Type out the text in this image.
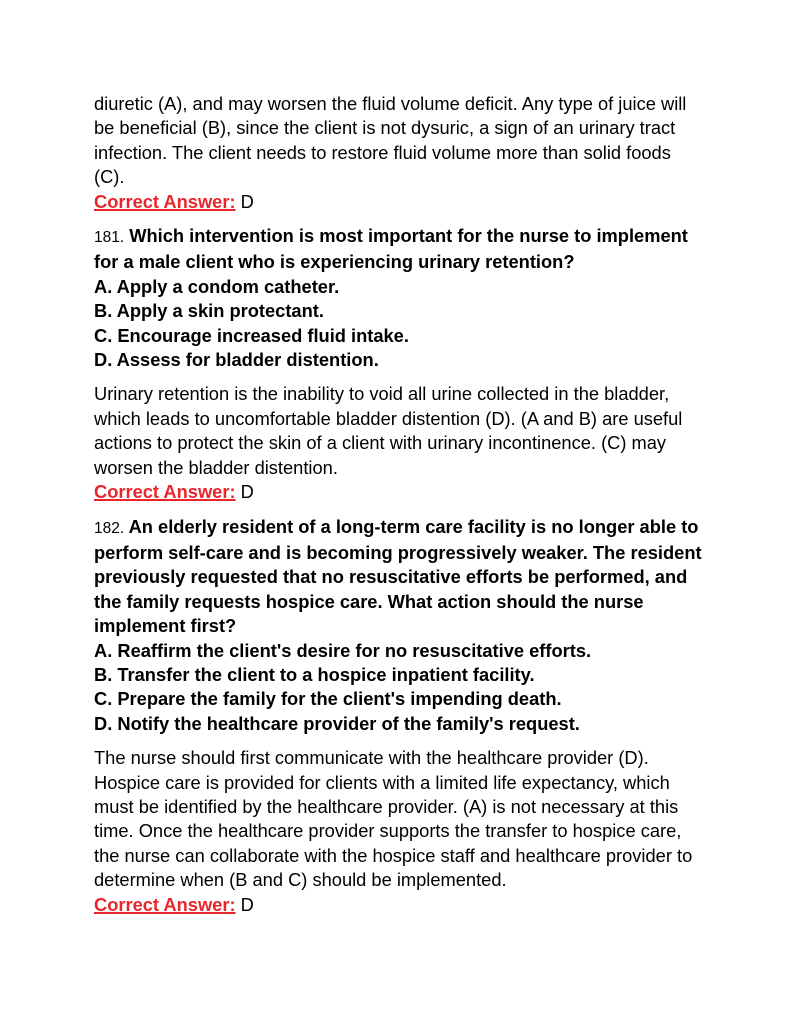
diuretic (A), and may worsen the fluid volume deficit. Any type of juice will
be beneficial (B), since the client is not dysuric, a sign of an urinary tract
infection. The client needs to restore fluid volume more than solid foods
(C).
Correct Answer: D
181. Which intervention is most important for the nurse to implement
for a male client who is experiencing urinary retention?
A. Apply a condom catheter.
B. Apply a skin protectant.
C. Encourage increased fluid intake.
D. Assess for bladder distention.
Urinary retention is the inability to void all urine collected in the bladder,
which leads to uncomfortable bladder distention (D). (A and B) are useful
actions to protect the skin of a client with urinary incontinence. (C) may
worsen the bladder distention.
Correct Answer: D
182. An elderly resident of a long-term care facility is no longer able to
perform self-care and is becoming progressively weaker. The resident
previously requested that no resuscitative efforts be performed, and
the family requests hospice care. What action should the nurse
implement first?
A. Reaffirm the client's desire for no resuscitative efforts.
B. Transfer the client to a hospice inpatient facility.
C. Prepare the family for the client's impending death.
D. Notify the healthcare provider of the family's request.
The nurse should first communicate with the healthcare provider (D).
Hospice care is provided for clients with a limited life expectancy, which
must be identified by the healthcare provider. (A) is not necessary at this
time. Once the healthcare provider supports the transfer to hospice care,
the nurse can collaborate with the hospice staff and healthcare provider to
determine when (B and C) should be implemented.
Correct Answer: D
